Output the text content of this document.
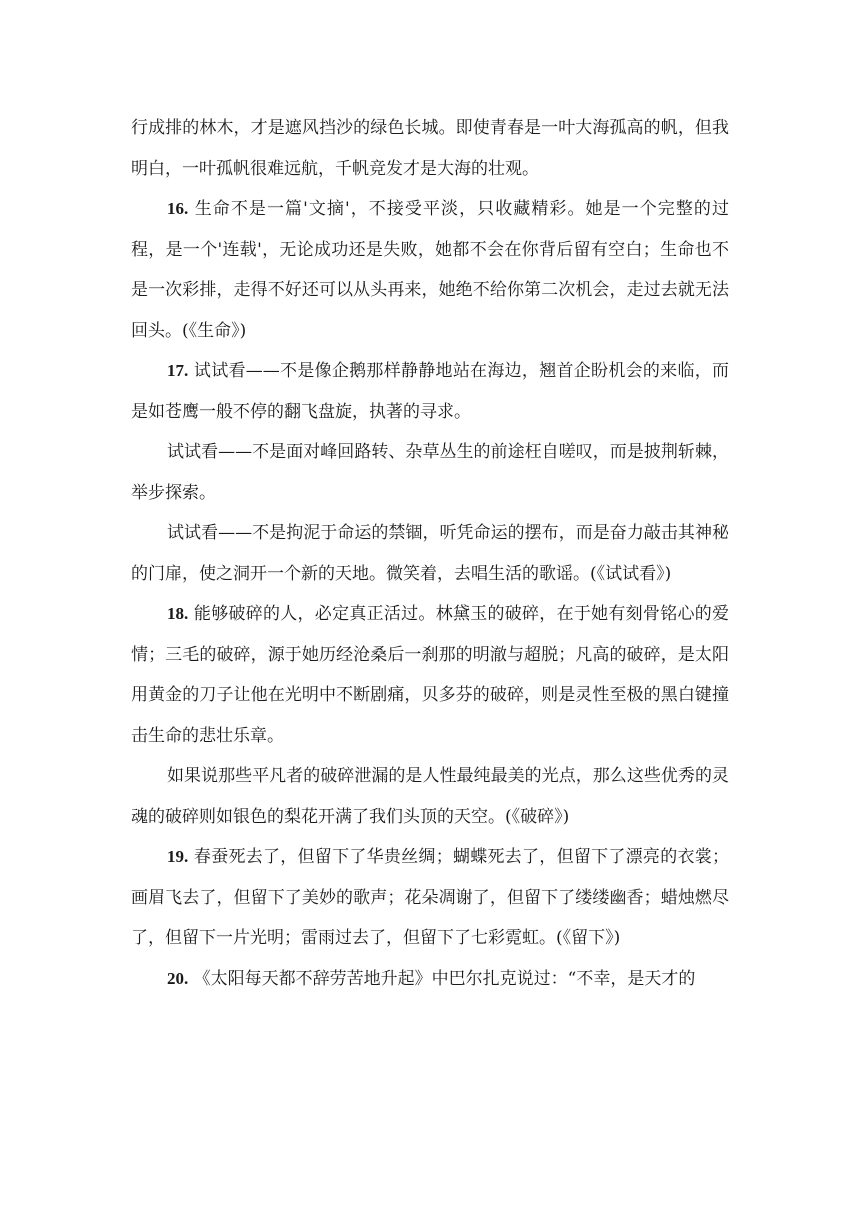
行成排的林木，才是遮风挡沙的绿色长城。即使青春是一叶大海孤高的帆，但我明白，一叶孤帆很难远航，千帆竞发才是大海的壮观。

16. 生命不是一篇'文摘'，不接受平淡，只收藏精彩。她是一个完整的过程，是一个'连载'，无论成功还是失败，她都不会在你背后留有空白；生命也不是一次彩排，走得不好还可以从头再来，她绝不给你第二次机会，走过去就无法回头。(《生命》)

17. 试试看——不是像企鹅那样静静地站在海边，翘首企盼机会的来临，而是如苍鹰一般不停的翻飞盘旋，执著的寻求。

试试看——不是面对峰回路转、杂草丛生的前途枉自嗟叹，而是披荆斩棘，举步探索。

试试看——不是拘泥于命运的禁锢，听凭命运的摆布，而是奋力敲击其神秘的门扉，使之洞开一个新的天地。微笑着，去唱生活的歌谣。(《试试看》)

18. 能够破碎的人，必定真正活过。林黛玉的破碎，在于她有刻骨铭心的爱情；三毛的破碎，源于她历经沧桑后一刹那的明澈与超脱；凡高的破碎，是太阳用黄金的刀子让他在光明中不断剧痛，贝多芬的破碎，则是灵性至极的黑白键撞击生命的悲壮乐章。

如果说那些平凡者的破碎泄漏的是人性最纯最美的光点，那么这些优秀的灵魂的破碎则如银色的梨花开满了我们头顶的天空。(《破碎》)

19. 春蚕死去了，但留下了华贵丝绸；蝴蝶死去了，但留下了漂亮的衣裳；画眉飞去了，但留下了美妙的歌声；花朵凋谢了，但留下了缕缕幽香；蜡烛燃尽了，但留下一片光明；雷雨过去了，但留下了七彩霓虹。(《留下》)

20. 《太阳每天都不辞劳苦地升起》中巴尔扎克说过：“不幸，是天才的
